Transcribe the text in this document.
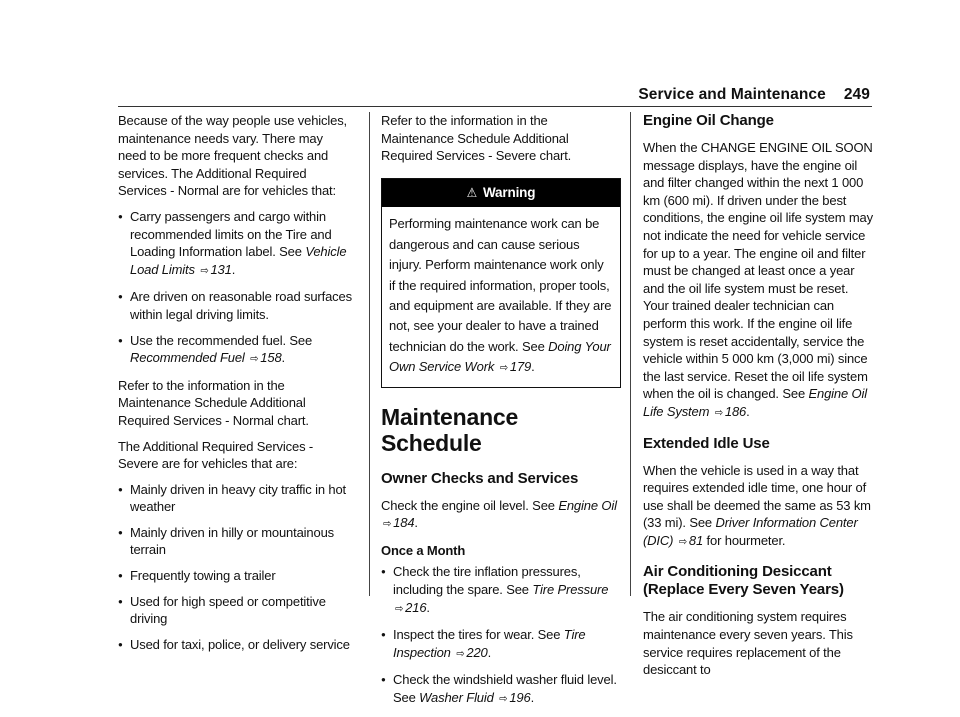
Service and Maintenance 249

Because of the way people use vehicles, maintenance needs vary. There may need to be more frequent checks and services. The Additional Required Services - Normal are for vehicles that:

● Carry passengers and cargo within recommended limits on the Tire and Loading Information label. See Vehicle Load Limits ⇨ 131.
● Are driven on reasonable road surfaces within legal driving limits.
● Use the recommended fuel. See Recommended Fuel ⇨ 158.

Refer to the information in the Maintenance Schedule Additional Required Services - Normal chart.

The Additional Required Services - Severe are for vehicles that are:

● Mainly driven in heavy city traffic in hot weather
● Mainly driven in hilly or mountainous terrain
● Frequently towing a trailer
● Used for high speed or competitive driving
● Used for taxi, police, or delivery service

Refer to the information in the Maintenance Schedule Additional Required Services - Severe chart.

⚠ Warning
Performing maintenance work can be dangerous and can cause serious injury. Perform maintenance work only if the required information, proper tools, and equipment are available. If they are not, see your dealer to have a trained technician do the work. See Doing Your Own Service Work ⇨ 179.
Maintenance Schedule
Owner Checks and Services

Check the engine oil level. See Engine Oil
⇨ 184.

Once a Month
● Check the tire inflation pressures, including the spare. See Tire Pressure
⇨ 216.
● Inspect the tires for wear. See Tire Inspection ⇨ 220.
● Check the windshield washer fluid level. See Washer Fluid ⇨ 196.
Engine Oil Change

When the CHANGE ENGINE OIL SOON message displays, have the engine oil and filter changed within the next 1 000 km (600 mi). If driven under the best conditions, the engine oil life system may not indicate the need for vehicle service for up to a year. The engine oil and filter must be changed at least once a year and the oil life system must be reset. Your trained dealer technician can perform this work. If the engine oil life system is reset accidentally, service the vehicle within 5 000 km (3,000 mi) since the last service. Reset the oil life system when the oil is changed. See Engine Oil Life System ⇨ 186.

Extended Idle Use

When the vehicle is used in a way that requires extended idle time, one hour of use shall be deemed the same as 53 km (33 mi). See Driver Information Center (DIC) ⇨ 81 for hourmeter.

Air Conditioning Desiccant (Replace Every Seven Years)

The air conditioning system requires maintenance every seven years. This service requires replacement of the desiccant to
